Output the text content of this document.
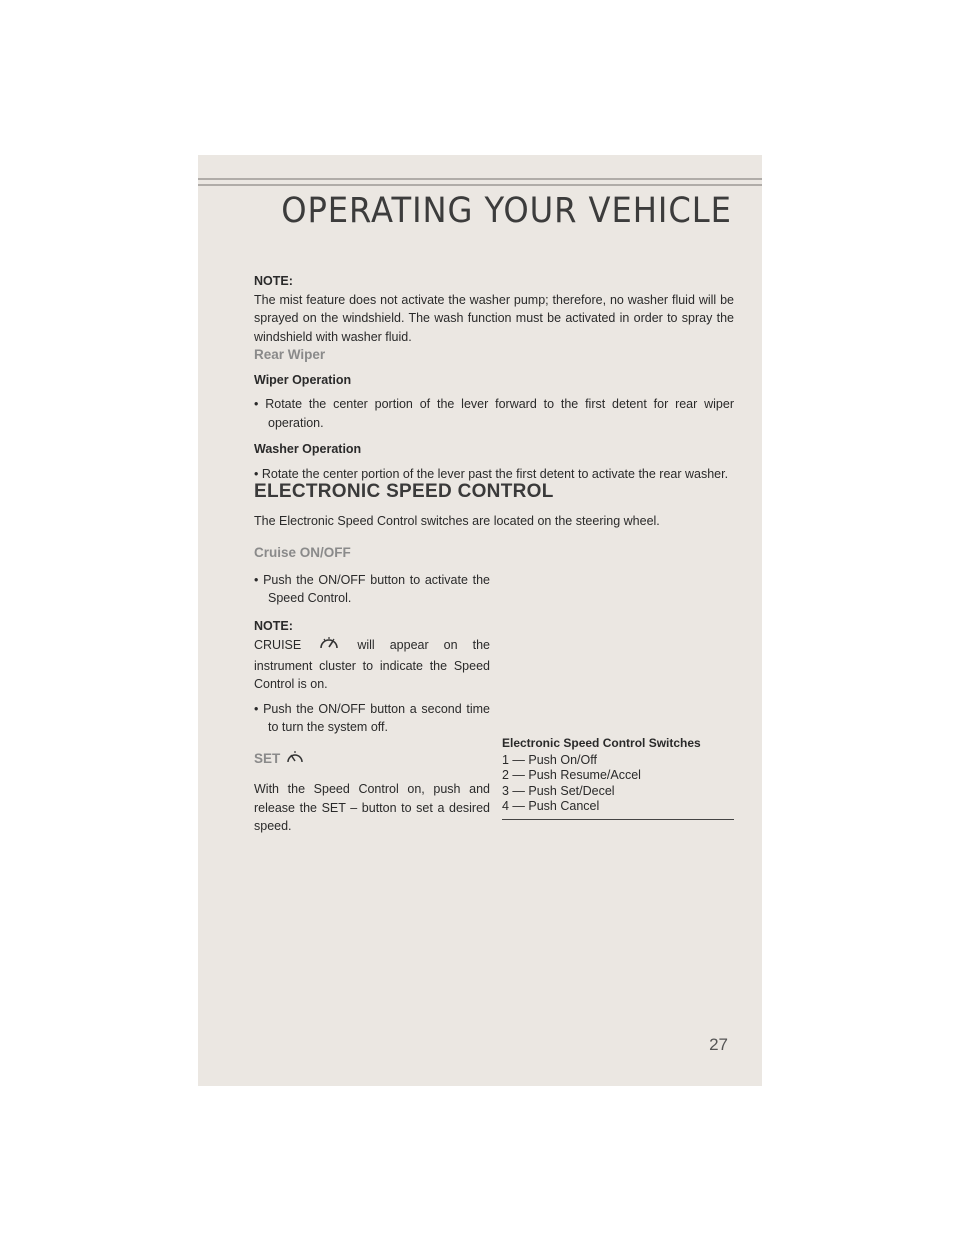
OPERATING YOUR VEHICLE

NOTE:

The mist feature does not activate the washer pump; therefore, no washer fluid will be sprayed on the windshield. The wash function must be activated in order to spray the windshield with washer fluid.

Rear Wiper

Wiper Operation

• Rotate the center portion of the lever forward to the first detent for rear wiper operation.

Washer Operation

• Rotate the center portion of the lever past the first detent to activate the rear washer.

ELECTRONIC SPEED CONTROL

The Electronic Speed Control switches are located on the steering wheel.

Cruise ON/OFF

• Push the ON/OFF button to activate the Speed Control.

NOTE:

CRUISE	will appear on the instrument cluster to indicate the Speed Control is on.

• Push the ON/OFF button a second time to turn the system off.

SET

With the Speed Control on, push and release the SET – button to set a desired speed.

Electronic Speed Control Switches

1 — Push On/Off

2 — Push Resume/Accel

3 — Push Set/Decel

4 — Push Cancel

27
